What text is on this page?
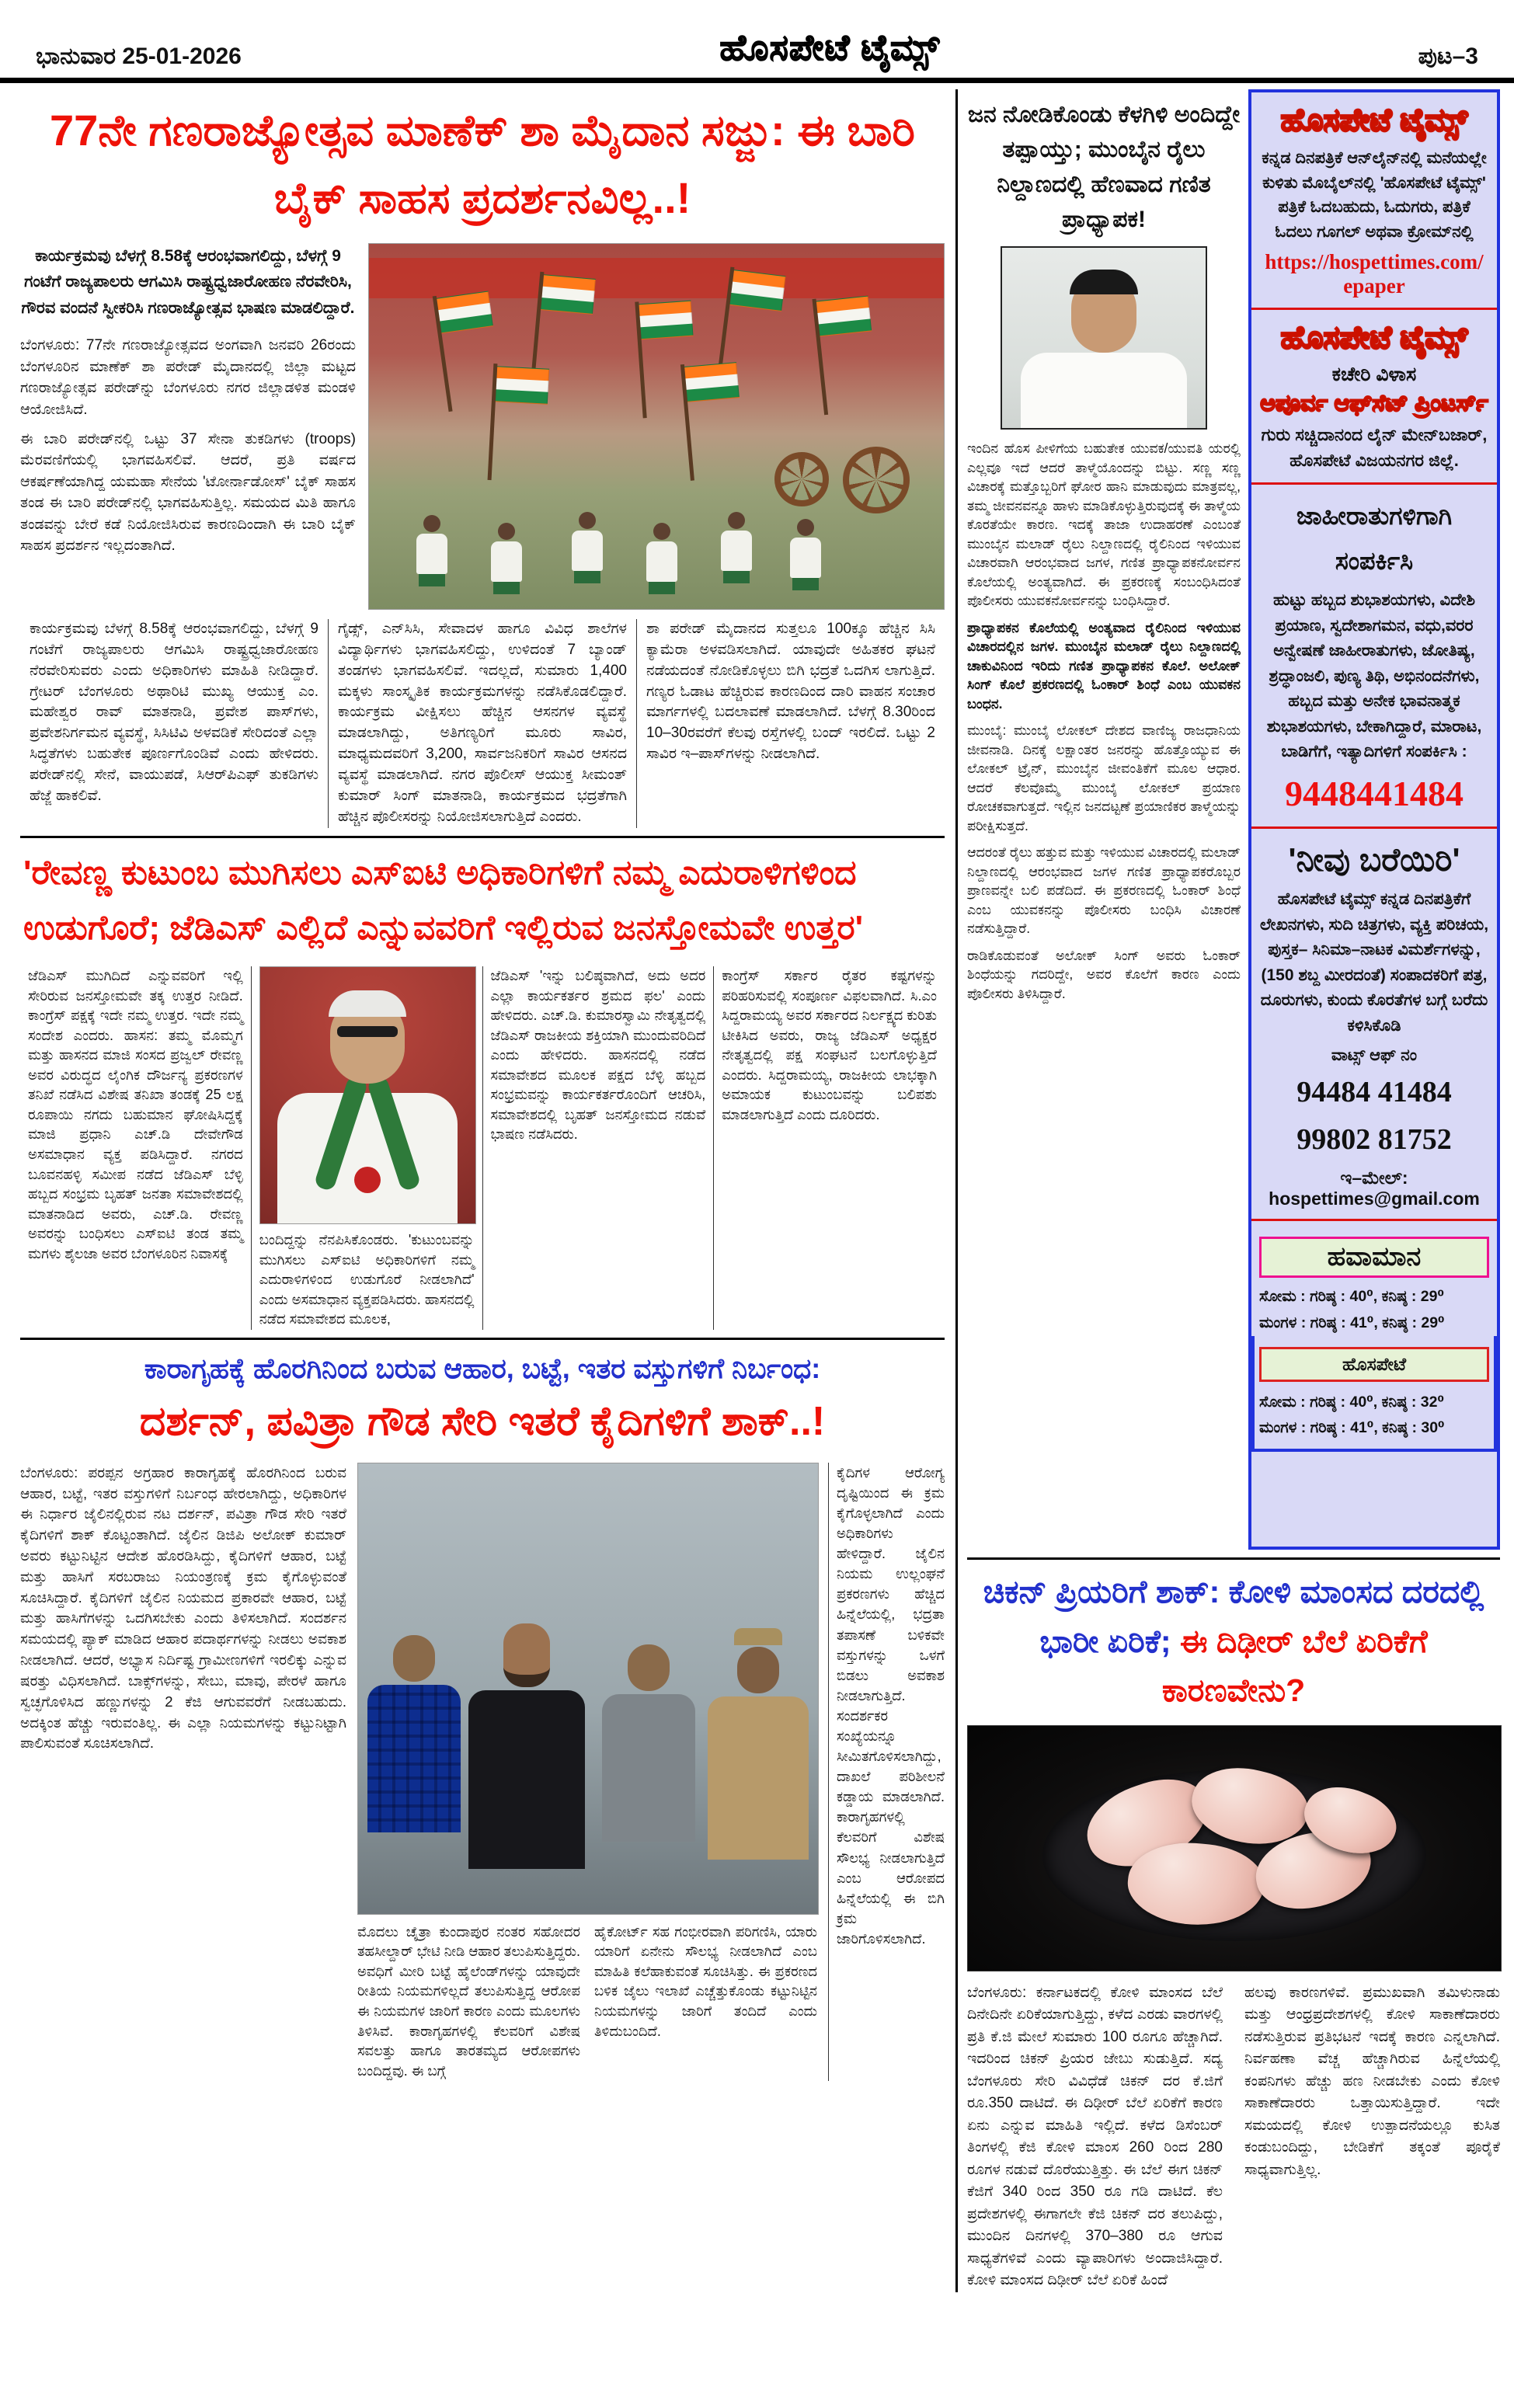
ಭಾನುವಾರ 25-01-2026	ಹೊಸಪೇಟೆ ಟೈಮ್ಸ್	ಪುಟ–3
77ನೇ ಗಣರಾಜ್ಯೋತ್ಸವ ಮಾಣೆಕ್ ಶಾ ಮೈದಾನ ಸಜ್ಜು: ಈ ಬಾರಿ ಬೈಕ್ ಸಾಹಸ ಪ್ರದರ್ಶನವಿಲ್ಲ..!

ಕಾರ್ಯಕ್ರಮವು ಬೆಳಗ್ಗೆ 8.58ಕ್ಕೆ ಆರಂಭವಾಗಲಿದ್ದು, ಬೆಳಗ್ಗೆ 9 ಗಂಟೆಗೆ ರಾಜ್ಯಪಾಲರು ಆಗಮಿಸಿ ರಾಷ್ಟ್ರಧ್ವಜಾರೋಹಣ ನೆರವೇರಿಸಿ, ಗೌರವ ವಂದನೆ ಸ್ವೀಕರಿಸಿ ಗಣರಾಜ್ಯೋತ್ಸವ ಭಾಷಣ ಮಾಡಲಿದ್ದಾರೆ.

ಬೆಂಗಳೂರು: 77ನೇ ಗಣರಾಜ್ಯೋತ್ಸವದ ಅಂಗವಾಗಿ ಜನವರಿ 26ರಂದು ಬೆಂಗಳೂರಿನ ಮಾಣೆಕ್ ಶಾ ಪರೇಡ್ ಮೈದಾನದಲ್ಲಿ ಜಿಲ್ಲಾ ಮಟ್ಟದ ಗಣರಾಜ್ಯೋತ್ಸವ ಪರೇಡ್‌ನ್ನು ಬೆಂಗಳೂರು ನಗರ ಜಿಲ್ಲಾಡಳಿತ ಮಂಡಳಿ ಆಯೋಜಿಸಿದೆ.

ಈ ಬಾರಿ ಪರೇಡ್‌ನಲ್ಲಿ ಒಟ್ಟು 37 ಸೇನಾ ತುಕಡಿಗಳು (troops) ಮೆರವಣಿಗೆಯಲ್ಲಿ ಭಾಗವಹಿಸಲಿವೆ. ಆದರೆ, ಪ್ರತಿ ವರ್ಷದ ಆಕರ್ಷಣೆಯಾಗಿದ್ದ ಯಮಹಾ ಸೇನೆಯ 'ಟೋರ್ನಾಡೋಸ್' ಬೈಕ್ ಸಾಹಸ ತಂಡ ಈ ಬಾರಿ ಪರೇಡ್‌ನಲ್ಲಿ ಭಾಗವಹಿಸುತ್ತಿಲ್ಲ. ಸಮಯದ ಮಿತಿ ಹಾಗೂ ತಂಡವನ್ನು ಬೇರೆ ಕಡೆ ನಿಯೋಜಿಸಿರುವ ಕಾರಣದಿಂದಾಗಿ ಈ ಬಾರಿ ಬೈಕ್ ಸಾಹಸ ಪ್ರದರ್ಶನ ಇಲ್ಲದಂತಾಗಿದೆ.

ಕಾರ್ಯಕ್ರಮವು ಬೆಳಗ್ಗೆ 8.58ಕ್ಕೆ ಆರಂಭವಾಗಲಿದ್ದು, ಬೆಳಗ್ಗೆ 9 ಗಂಟೆಗೆ ರಾಜ್ಯಪಾಲರು ಆಗಮಿಸಿ ರಾಷ್ಟ್ರಧ್ವಜಾರೋಹಣ ನೆರವೇರಿಸುವರು ಎಂದು ಅಧಿಕಾರಿಗಳು ಮಾಹಿತಿ ನೀಡಿದ್ದಾರೆ. ಗ್ರೇಟರ್ ಬೆಂಗಳೂರು ಅಥಾರಿಟಿ ಮುಖ್ಯ ಆಯುಕ್ತ ಎಂ. ಮಹೇಶ್ವರ ರಾವ್ ಮಾತನಾಡಿ, ಪ್ರವೇಶ ಪಾಸ್‌ಗಳು, ಪ್ರವೇಶನಿರ್ಗಮನ ವ್ಯವಸ್ಥೆ, ಸಿಸಿಟಿವಿ ಅಳವಡಿಕೆ ಸೇರಿದಂತೆ ಎಲ್ಲಾ ಸಿದ್ಧತೆಗಳು ಬಹುತೇಕ ಪೂರ್ಣಗೊಂಡಿವೆ ಎಂದು ಹೇಳಿದರು. ಪರೇಡ್‌ನಲ್ಲಿ ಸೇನೆ, ವಾಯುಪಡೆ, ಸಿಆರ್‌ಪಿಎಫ್ ತುಕಡಿಗಳು ಹೆಜ್ಜೆ ಹಾಕಲಿವೆ.
ಗೈಡ್ಸ್, ಎನ್‌ಸಿಸಿ, ಸೇವಾದಳ ಹಾಗೂ ವಿವಿಧ ಶಾಲೆಗಳ ವಿದ್ಯಾರ್ಥಿಗಳು ಭಾಗವಹಿಸಲಿದ್ದು, ಉಳಿದಂತೆ 7 ಬ್ಯಾಂಡ್ ತಂಡಗಳು ಭಾಗವಹಿಸಲಿವೆ. ಇದಲ್ಲದೆ, ಸುಮಾರು 1,400 ಮಕ್ಕಳು ಸಾಂಸ್ಕೃತಿಕ ಕಾರ್ಯಕ್ರಮಗಳನ್ನು ನಡೆಸಿಕೊಡಲಿದ್ದಾರೆ. ಕಾರ್ಯಕ್ರಮ ವೀಕ್ಷಿಸಲು ಹೆಚ್ಚಿನ ಆಸನಗಳ ವ್ಯವಸ್ಥೆ ಮಾಡಲಾಗಿದ್ದು, ಅತಿಗಣ್ಯರಿಗೆ ಮೂರು ಸಾವಿರ, ಮಾಧ್ಯಮದವರಿಗೆ 3,200, ಸಾರ್ವಜನಿಕರಿಗೆ ಸಾವಿರ ಆಸನದ ವ್ಯವಸ್ಥೆ ಮಾಡಲಾಗಿದೆ. ನಗರ ಪೊಲೀಸ್ ಆಯುಕ್ತ ಸೀಮಂತ್ ಕುಮಾರ್ ಸಿಂಗ್ ಮಾತನಾಡಿ, ಕಾರ್ಯಕ್ರಮದ ಭದ್ರತೆಗಾಗಿ ಹೆಚ್ಚಿನ ಪೊಲೀಸರನ್ನು ನಿಯೋಜಿಸಲಾಗುತ್ತಿದೆ ಎಂದರು.
ಶಾ ಪರೇಡ್ ಮೈದಾನದ ಸುತ್ತಲೂ 100ಕ್ಕೂ ಹೆಚ್ಚಿನ ಸಿಸಿ ಕ್ಯಾಮೆರಾ ಅಳವಡಿಸಲಾಗಿದೆ. ಯಾವುದೇ ಅಹಿತಕರ ಘಟನೆ ನಡೆಯದಂತೆ ನೋಡಿಕೊಳ್ಳಲು ಬಿಗಿ ಭದ್ರತೆ ಒದಗಿಸ ಲಾಗುತ್ತಿದೆ. ಗಣ್ಯರ ಓಡಾಟ ಹೆಚ್ಚಿರುವ ಕಾರಣದಿಂದ ದಾರಿ ವಾಹನ ಸಂಚಾರ ಮಾರ್ಗಗಳಲ್ಲಿ ಬದಲಾವಣೆ ಮಾಡಲಾಗಿದೆ. ಬೆಳಗ್ಗೆ 8.30ರಿಂದ 10–30ರವರೆಗೆ ಕೆಲವು ರಸ್ತೆಗಳಲ್ಲಿ ಬಂದ್ ಇರಲಿದೆ. ಒಟ್ಟು 2 ಸಾವಿರ ಇ–ಪಾಸ್‌ಗಳನ್ನು ನೀಡಲಾಗಿದೆ.
'ರೇವಣ್ಣ ಕುಟುಂಬ ಮುಗಿಸಲು ಎಸ್‌ಐಟಿ ಅಧಿಕಾರಿಗಳಿಗೆ ನಮ್ಮ ಎದುರಾಳಿಗಳಿಂದ
ಉಡುಗೊರೆ; ಜೆಡಿಎಸ್ ಎಲ್ಲಿದೆ ಎನ್ನುವವರಿಗೆ ಇಲ್ಲಿರುವ ಜನಸ್ತೋಮವೇ ಉತ್ತರ'
ಜೆಡಿಎಸ್ ಮುಗಿದಿದೆ ಎನ್ನುವವರಿಗೆ ಇಲ್ಲಿ ಸೇರಿರುವ ಜನಸ್ತೋಮವೇ ತಕ್ಕ ಉತ್ತರ ನೀಡಿದೆ. ಕಾಂಗ್ರೆಸ್ ಪಕ್ಷಕ್ಕೆ ಇದೇ ನಮ್ಮ ಉತ್ತರ. ಇದೇ ನಮ್ಮ ಸಂದೇಶ ಎಂದರು. ಹಾಸನ: ತಮ್ಮ ಮೊಮ್ಮಗ ಮತ್ತು ಹಾಸನದ ಮಾಜಿ ಸಂಸದ ಪ್ರಜ್ವಲ್ ರೇವಣ್ಣ ಅವರ ವಿರುದ್ಧದ ಲೈಂಗಿಕ ದೌರ್ಜನ್ಯ ಪ್ರಕರಣಗಳ ತನಿಖೆ ನಡೆಸಿದ ವಿಶೇಷ ತನಿಖಾ ತಂಡಕ್ಕೆ 25 ಲಕ್ಷ ರೂಪಾಯಿ ನಗದು ಬಹುಮಾನ ಘೋಷಿಸಿದ್ದಕ್ಕೆ ಮಾಜಿ ಪ್ರಧಾನಿ ಎಚ್.ಡಿ ದೇವೇಗೌಡ ಅಸಮಾಧಾನ ವ್ಯಕ್ತ ಪಡಿಸಿದ್ದಾರೆ. ನಗರದ ಬೂವನಹಳ್ಳಿ ಸಮೀಪ ನಡೆದ ಜೆಡಿಎಸ್ ಬೆಳ್ಳಿ ಹಬ್ಬದ ಸಂಭ್ರಮ ಬೃಹತ್ ಜನತಾ ಸಮಾವೇಶದಲ್ಲಿ ಮಾತನಾಡಿದ ಅವರು, ಎಚ್.ಡಿ. ರೇವಣ್ಣ ಅವರನ್ನು ಬಂಧಿಸಲು ಎಸ್‌ಐಟಿ ತಂಡ ತಮ್ಮ ಮಗಳು ಶೈಲಜಾ ಅವರ ಬೆಂಗಳೂರಿನ ನಿವಾಸಕ್ಕೆ
ಬಂದಿದ್ದನ್ನು ನೆನಪಿಸಿಕೊಂಡರು. 'ಕುಟುಂಬವನ್ನು ಮುಗಿಸಲು ಎಸ್‌ಐಟಿ ಅಧಿಕಾರಿಗಳಿಗೆ ನಮ್ಮ ಎದುರಾಳಿಗಳಿಂದ ಉಡುಗೊರೆ ನೀಡಲಾಗಿದೆ' ಎಂದು ಅಸಮಾಧಾನ ವ್ಯಕ್ತಪಡಿಸಿದರು. ಹಾಸನದಲ್ಲಿ ನಡೆದ ಸಮಾವೇಶದ ಮೂಲಕ,
ಜೆಡಿಎಸ್ 'ಇನ್ನು ಬಲಿಷ್ಠವಾಗಿದೆ, ಅದು ಅದರ ಎಲ್ಲಾ ಕಾರ್ಯಕರ್ತರ ಶ್ರಮದ ಫಲ' ಎಂದು ಹೇಳಿದರು. ಎಚ್.ಡಿ. ಕುಮಾರಸ್ವಾಮಿ ನೇತೃತ್ವದಲ್ಲಿ ಜೆಡಿಎಸ್ ರಾಜಕೀಯ ಶಕ್ತಿಯಾಗಿ ಮುಂದುವರಿದಿದೆ ಎಂದು ಹೇಳಿದರು. ಹಾಸನದಲ್ಲಿ ನಡೆದ ಸಮಾವೇಶದ ಮೂಲಕ ಪಕ್ಷದ ಬೆಳ್ಳಿ ಹಬ್ಬದ ಸಂಭ್ರಮವನ್ನು ಕಾರ್ಯಕರ್ತರೊಂದಿಗೆ ಆಚರಿಸಿ, ಸಮಾವೇಶದಲ್ಲಿ ಬೃಹತ್ ಜನಸ್ತೋಮದ ನಡುವೆ ಭಾಷಣ ನಡೆಸಿದರು.
ಕಾಂಗ್ರೆಸ್ ಸರ್ಕಾರ ರೈತರ ಕಷ್ಟಗಳನ್ನು ಪರಿಹರಿಸುವಲ್ಲಿ ಸಂಪೂರ್ಣ ವಿಫಲವಾಗಿದೆ. ಸಿ.ಎಂ ಸಿದ್ದರಾಮಯ್ಯ ಅವರ ಸರ್ಕಾರದ ನಿರ್ಲಕ್ಷ್ಯದ ಕುರಿತು ಟೀಕಿಸಿದ ಅವರು, ರಾಜ್ಯ ಜೆಡಿಎಸ್ ಅಧ್ಯಕ್ಷರ ನೇತೃತ್ವದಲ್ಲಿ ಪಕ್ಷ ಸಂಘಟನೆ ಬಲಗೊಳ್ಳುತ್ತಿದೆ ಎಂದರು. ಸಿದ್ದರಾಮಯ್ಯ, ರಾಜಕೀಯ ಲಾಭಕ್ಕಾಗಿ ಅಮಾಯಕ ಕುಟುಂಬವನ್ನು ಬಲಿಪಶು ಮಾಡಲಾಗುತ್ತಿದೆ ಎಂದು ದೂರಿದರು.
ಕಾರಾಗೃಹಕ್ಕೆ ಹೊರಗಿನಿಂದ ಬರುವ ಆಹಾರ, ಬಟ್ಟೆ, ಇತರ ವಸ್ತುಗಳಿಗೆ ನಿರ್ಬಂಧ:
ದರ್ಶನ್, ಪವಿತ್ರಾ ಗೌಡ ಸೇರಿ ಇತರೆ ಕೈದಿಗಳಿಗೆ ಶಾಕ್..!
ಬೆಂಗಳೂರು: ಪರಪ್ಪನ ಅಗ್ರಹಾರ ಕಾರಾಗೃಹಕ್ಕೆ ಹೊರಗಿನಿಂದ ಬರುವ ಆಹಾರ, ಬಟ್ಟೆ, ಇತರ ವಸ್ತುಗಳಿಗೆ ನಿರ್ಬಂಧ ಹೇರಲಾಗಿದ್ದು, ಅಧಿಕಾರಿಗಳ ಈ ನಿರ್ಧಾರ ಜೈಲಿನಲ್ಲಿರುವ ನಟ ದರ್ಶನ್, ಪವಿತ್ರಾ ಗೌಡ ಸೇರಿ ಇತರೆ ಕೈದಿಗಳಿಗೆ ಶಾಕ್ ಕೊಟ್ಟಂತಾಗಿದೆ. ಜೈಲಿನ ಡಿಜಿಪಿ ಅಲೋಕ್ ಕುಮಾರ್ ಅವರು ಕಟ್ಟುನಿಟ್ಟಿನ ಆದೇಶ ಹೊರಡಿಸಿದ್ದು, ಕೈದಿಗಳಿಗೆ ಆಹಾರ, ಬಟ್ಟೆ ಮತ್ತು ಹಾಸಿಗೆ ಸರಬರಾಜು ನಿಯಂತ್ರಣಕ್ಕೆ ಕ್ರಮ ಕೈಗೊಳ್ಳುವಂತೆ ಸೂಚಿಸಿದ್ದಾರೆ. ಕೈದಿಗಳಿಗೆ ಜೈಲಿನ ನಿಯಮದ ಪ್ರಕಾರವೇ ಆಹಾರ, ಬಟ್ಟೆ ಮತ್ತು ಹಾಸಿಗೆಗಳನ್ನು ಒದಗಿಸಬೇಕು ಎಂದು ತಿಳಿಸಲಾಗಿದೆ. ಸಂದರ್ಶನ ಸಮಯದಲ್ಲಿ ಪ್ಯಾಕ್ ಮಾಡಿದ ಆಹಾರ ಪದಾರ್ಥಗಳನ್ನು ನೀಡಲು ಅವಕಾಶ ನೀಡಲಾಗಿದೆ. ಆದರೆ, ಅಭ್ಯಾಸ ನಿರ್ದಿಷ್ಟ ಗ್ರಾಮೀಣಗಳಿಗೆ ಇರಲಿಕ್ಕು ಎನ್ನುವ ಷರತ್ತು ವಿಧಿಸಲಾಗಿದೆ. ಬಾಕ್ಸ್‌ಗಳನ್ನು, ಸೇಬು, ಮಾವು, ಪೇರಳೆ ಹಾಗೂ ಸ್ವಚ್ಛಗೊಳಿಸಿದ ಹಣ್ಣುಗಳನ್ನು 2 ಕೆಜಿ ಆಗುವವರೆಗೆ ನೀಡಬಹುದು. ಅದಕ್ಕಿಂತ ಹೆಚ್ಚು ಇರುವಂತಿಲ್ಲ. ಈ ಎಲ್ಲಾ ನಿಯಮಗಳನ್ನು ಕಟ್ಟುನಿಟ್ಟಾಗಿ ಪಾಲಿಸುವಂತೆ ಸೂಚಿಸಲಾಗಿದೆ.
ಮೊದಲು ಚೈತ್ರಾ ಕುಂದಾಪುರ ನಂತರ ಸಹೋದರ ತಹಸೀಲ್ದಾರ್ ಭೇಟಿ ನೀಡಿ ಆಹಾರ ತಲುಪಿಸುತ್ತಿದ್ದರು. ಅವಧಿಗೆ ಮೀರಿ ಬಟ್ಟೆ ಹೈಲೆಂಡ್‌ಗಳನ್ನು ಯಾವುದೇ ರೀತಿಯ ನಿಯಮಗಳಿಲ್ಲದೆ ತಲುಪಿಸುತ್ತಿದ್ದ ಆರೋಪ ಈ ನಿಯಮಗಳ ಜಾರಿಗೆ ಕಾರಣ ಎಂದು ಮೂಲಗಳು ತಿಳಿಸಿವೆ. ಕಾರಾಗೃಹಗಳಲ್ಲಿ ಕೆಲವರಿಗೆ ವಿಶೇಷ ಸವಲತ್ತು ಹಾಗೂ ತಾರತಮ್ಯದ ಆರೋಪಗಳು ಬಂದಿದ್ದವು. ಈ ಬಗ್ಗೆ
ಹೈಕೋರ್ಟ್ ಸಹ ಗಂಭೀರವಾಗಿ ಪರಿಗಣಿಸಿ, ಯಾರು ಯಾರಿಗೆ ಏನೇನು ಸೌಲಭ್ಯ ನೀಡಲಾಗಿದೆ ಎಂಬ ಮಾಹಿತಿ ಕಲೆಹಾಕುವಂತೆ ಸೂಚಿಸಿತ್ತು. ಈ ಪ್ರಕರಣದ ಬಳಿಕ ಜೈಲು ಇಲಾಖೆ ಎಚ್ಚೆತ್ತುಕೊಂಡು ಕಟ್ಟುನಿಟ್ಟಿನ ನಿಯಮಗಳನ್ನು ಜಾರಿಗೆ ತಂದಿದೆ ಎಂದು ತಿಳಿದುಬಂದಿದೆ.
ಕೈದಿಗಳ ಆರೋಗ್ಯ ದೃಷ್ಟಿಯಿಂದ ಈ ಕ್ರಮ ಕೈಗೊಳ್ಳಲಾಗಿದೆ ಎಂದು ಅಧಿಕಾರಿಗಳು ಹೇಳಿದ್ದಾರೆ. ಜೈಲಿನ ನಿಯಮ ಉಲ್ಲಂಘನೆ ಪ್ರಕರಣಗಳು ಹೆಚ್ಚಿದ ಹಿನ್ನೆಲೆಯಲ್ಲಿ, ಭದ್ರತಾ ತಪಾಸಣೆ ಬಳಿಕವೇ ವಸ್ತುಗಳನ್ನು ಒಳಗೆ ಬಿಡಲು ಅವಕಾಶ ನೀಡಲಾಗುತ್ತಿದೆ. ಸಂದರ್ಶಕರ ಸಂಖ್ಯೆಯನ್ನೂ ಸೀಮಿತಗೊಳಿಸಲಾಗಿದ್ದು, ದಾಖಲೆ ಪರಿಶೀಲನೆ ಕಡ್ಡಾಯ ಮಾಡಲಾಗಿದೆ. ಕಾರಾಗೃಹಗಳಲ್ಲಿ ಕೆಲವರಿಗೆ ವಿಶೇಷ ಸೌಲಭ್ಯ ನೀಡಲಾಗುತ್ತಿದೆ ಎಂಬ ಆರೋಪದ ಹಿನ್ನೆಲೆಯಲ್ಲಿ ಈ ಬಿಗಿ ಕ್ರಮ ಜಾರಿಗೊಳಿಸಲಾಗಿದೆ.
ಜನ ನೋಡಿಕೊಂಡು ಕೆಳಗಿಳಿ ಅಂದಿದ್ದೇ ತಪ್ಪಾಯ್ತು; ಮುಂಬೈನ ರೈಲು ನಿಲ್ದಾಣದಲ್ಲಿ ಹೆಣವಾದ ಗಣಿತ ಪ್ರಾಧ್ಯಾಪಕ!

ಇಂದಿನ ಹೊಸ ಪೀಳಿಗೆಯ ಬಹುತೇಕ ಯುವಕ/ಯುವತಿ ಯರಲ್ಲಿ ಎಲ್ಲವೂ ಇದೆ ಆದರೆ ತಾಳ್ಮೆಯೊಂದನ್ನು ಬಿಟ್ಟು. ಸಣ್ಣ ಸಣ್ಣ ವಿಚಾರಕ್ಕೆ ಮತ್ತೊಬ್ಬರಿಗೆ ಘೋರ ಹಾನಿ ಮಾಡುವುದು ಮಾತ್ರವಲ್ಲ, ತಮ್ಮ ಜೀವನವನ್ನೂ ಹಾಳು ಮಾಡಿಕೊಳ್ಳುತ್ತಿರುವುದಕ್ಕೆ ಈ ತಾಳ್ಮೆಯ ಕೊರತೆಯೇ ಕಾರಣ. ಇದಕ್ಕೆ ತಾಜಾ ಉದಾಹರಣೆ ಎಂಬಂತೆ ಮುಂಬೈನ ಮಲಾಡ್ ರೈಲು ನಿಲ್ದಾಣದಲ್ಲಿ ರೈಲಿನಿಂದ ಇಳಿಯುವ ವಿಚಾರವಾಗಿ ಆರಂಭವಾದ ಜಗಳ, ಗಣಿತ ಪ್ರಾಧ್ಯಾಪಕನೋರ್ವನ ಕೊಲೆಯಲ್ಲಿ ಅಂತ್ಯವಾಗಿದೆ. ಈ ಪ್ರಕರಣಕ್ಕೆ ಸಂಬಂಧಿಸಿದಂತೆ ಪೊಲೀಸರು ಯುವಕನೋರ್ವನನ್ನು ಬಂಧಿಸಿದ್ದಾರೆ.

ಪ್ರಾಧ್ಯಾಪಕನ ಕೊಲೆಯಲ್ಲಿ ಅಂತ್ಯವಾದ ರೈಲಿನಿಂದ ಇಳಿಯುವ ವಿಚಾರದಲ್ಲಿನ ಜಗಳ. ಮುಂಬೈನ ಮಲಾಡ್ ರೈಲು ನಿಲ್ದಾಣದಲ್ಲಿ ಚಾಕುವಿನಿಂದ ಇರಿದು ಗಣಿತ ಪ್ರಾಧ್ಯಾಪಕನ ಕೊಲೆ. ಅಲೋಕ್ ಸಿಂಗ್ ಕೊಲೆ ಪ್ರಕರಣದಲ್ಲಿ ಓಂಕಾರ್ ಶಿಂಧೆ ಎಂಬ ಯುವಕನ ಬಂಧನ.

ಮುಂಬೈ: ಮುಂಬೈ ಲೋಕಲ್ ದೇಶದ ವಾಣಿಜ್ಯ ರಾಜಧಾನಿಯ ಜೀವನಾಡಿ. ದಿನಕ್ಕೆ ಲಕ್ಷಾಂತರ ಜನರನ್ನು ಹೊತ್ತೊಯ್ಯುವ ಈ ಲೋಕಲ್ ಟ್ರೈನ್, ಮುಂಬೈನ ಜೀವಂತಿಕೆಗೆ ಮೂಲ ಆಧಾರ. ಆದರೆ ಕೆಲವೊಮ್ಮೆ ಮುಂಬೈ ಲೋಕಲ್ ಪ್ರಯಾಣ ರೋಚಕವಾಗುತ್ತದೆ. ಇಲ್ಲಿನ ಜನದಟ್ಟಣೆ ಪ್ರಯಾಣಿಕರ ತಾಳ್ಮೆಯನ್ನು ಪರೀಕ್ಷಿಸುತ್ತದೆ.

ಆದರಂತೆ ರೈಲು ಹತ್ತುವ ಮತ್ತು ಇಳಿಯುವ ವಿಚಾರದಲ್ಲಿ ಮಲಾಡ್ ನಿಲ್ದಾಣದಲ್ಲಿ ಆರಂಭವಾದ ಜಗಳ ಗಣಿತ ಪ್ರಾಧ್ಯಾಪಕರೊಬ್ಬರ ಪ್ರಾಣವನ್ನೇ ಬಲಿ ಪಡೆದಿದೆ. ಈ ಪ್ರಕರಣದಲ್ಲಿ ಓಂಕಾರ್ ಶಿಂಧೆ ಎಂಬ ಯುವಕನನ್ನು ಪೊಲೀಸರು ಬಂಧಿಸಿ ವಿಚಾರಣೆ ನಡೆಸುತ್ತಿದ್ದಾರೆ.

ರಾಡಿಕೊಡುವಂತೆ ಅಲೋಕ್ ಸಿಂಗ್ ಅವರು ಓಂಕಾರ್ ಶಿಂಧೆಯನ್ನು ಗದರಿದ್ದೇ, ಅವರ ಕೊಲೆಗೆ ಕಾರಣ ಎಂದು ಪೊಲೀಸರು ತಿಳಿಸಿದ್ದಾರೆ.

ಹೊಸಪೇಟೆ ಟೈಮ್ಸ್
ಕನ್ನಡ ದಿನಪತ್ರಿಕೆ ಆನ್‌ಲೈನ್‌ನಲ್ಲಿ ಮನೆಯಲ್ಲೇ ಕುಳಿತು ಮೊಬೈಲ್‌ನಲ್ಲಿ 'ಹೊಸಪೇಟೆ ಟೈಮ್ಸ್' ಪತ್ರಿಕೆ ಓದಬಹುದು, ಓದುಗರು, ಪತ್ರಿಕೆ ಓದಲು ಗೂಗಲ್ ಅಥವಾ ಕ್ರೋಮ್‌ನಲ್ಲಿ
https://hospettimes.com/ epaper
ಹೊಸಪೇಟೆ ಟೈಮ್ಸ್
ಕಚೇರಿ ವಿಳಾಸ
ಅಪೂರ್ವ ಆಫ್‌ಸೆಟ್ ಪ್ರಿಂಟರ್ಸ್
ಗುರು ಸಚ್ಚಿದಾನಂದ ಲೈನ್ ಮೇನ್‌ಬಜಾರ್, ಹೊಸಪೇಟೆ ವಿಜಯನಗರ ಜಿಲ್ಲೆ.
ಜಾಹೀರಾತುಗಳಿಗಾಗಿ ಸಂಪರ್ಕಿಸಿ
ಹುಟ್ಟು ಹಬ್ಬದ ಶುಭಾಶಯಗಳು, ವಿದೇಶಿ ಪ್ರಯಾಣ, ಸ್ವದೇಶಾಗಮನ, ವಧು,ವರರ ಅನ್ವೇಷಣೆ ಜಾಹೀರಾತುಗಳು, ಜೋತಿಷ್ಯ, ಶ್ರದ್ಧಾಂಜಲಿ, ಪುಣ್ಯ ತಿಥಿ, ಅಭಿನಂದನೆಗಳು, ಹಬ್ಬದ ಮತ್ತು ಅನೇಕ ಭಾವನಾತ್ಮಕ ಶುಭಾಶಯಗಳು, ಬೇಕಾಗಿದ್ದಾರೆ, ಮಾರಾಟ, ಬಾಡಿಗೆಗೆ, ಇತ್ಯಾದಿಗಳಿಗೆ ಸಂಪರ್ಕಿಸಿ :
9448441484
'ನೀವು ಬರೆಯಿರಿ'
ಹೊಸಪೇಟೆ ಟೈಮ್ಸ್ ಕನ್ನಡ ದಿನಪತ್ರಿಕೆಗೆ ಲೇಖನಗಳು, ಸುದಿ ಚಿತ್ರಗಳು, ವ್ಯಕ್ತಿ ಪರಿಚಯ, ಪುಸ್ತಕ– ಸಿನಿಮಾ–ನಾಟಕ ವಿಮರ್ಶೆಗಳನ್ನು,(150 ಶಬ್ದ ಮೀರದಂತೆ) ಸಂಪಾದಕರಿಗೆ ಪತ್ರ, ದೂರುಗಳು, ಕುಂದು ಕೊರತೆಗಳ ಬಗ್ಗೆ ಬರೆದು ಕಳಿಸಿಕೊಡಿ
ವಾಟ್ಸ್ ಆಫ್ ನಂ
94484 41484
99802 81752
ಇ–ಮೇಲ್: hospettimes@gmail.com
ಹವಾಮಾನ
ಸೋಮ : ಗರಿಷ್ಠ : 40⁰, ಕನಿಷ್ಠ : 29⁰
ಮಂಗಳ : ಗರಿಷ್ಠ : 41⁰, ಕನಿಷ್ಠ : 29⁰
ಹೊಸಪೇಟೆ
ಸೋಮ : ಗರಿಷ್ಠ : 40⁰, ಕನಿಷ್ಠ : 32⁰
ಮಂಗಳ : ಗರಿಷ್ಠ : 41⁰, ಕನಿಷ್ಠ : 30⁰
ಚಿಕನ್ ಪ್ರಿಯರಿಗೆ ಶಾಕ್: ಕೋಳಿ ಮಾಂಸದ ದರದಲ್ಲಿ ಭಾರೀ ಏರಿಕೆ; ಈ ದಿಢೀರ್ ಬೆಲೆ ಏರಿಕೆಗೆ ಕಾರಣವೇನು?
ಬೆಂಗಳೂರು: ಕರ್ನಾಟಕದಲ್ಲಿ ಕೋಳಿ ಮಾಂಸದ ಬೆಲೆ ದಿನೇದಿನೇ ಏರಿಕೆಯಾಗುತ್ತಿದ್ದು, ಕಳೆದ ಎರಡು ವಾರಗಳಲ್ಲಿ ಪ್ರತಿ ಕೆ.ಜಿ ಮೇಲೆ ಸುಮಾರು 100 ರೂಗೂ ಹೆಚ್ಚಾಗಿದೆ. ಇದರಿಂದ ಚಿಕನ್ ಪ್ರಿಯರ ಜೇಬು ಸುಡುತ್ತಿದೆ. ಸದ್ಯ ಬೆಂಗಳೂರು ಸೇರಿ ವಿವಿಧೆಡೆ ಚಿಕನ್ ದರ ಕೆ.ಜಿಗೆ ರೂ.350 ದಾಟಿದೆ. ಈ ದಿಢೀರ್ ಬೆಲೆ ಏರಿಕೆಗೆ ಕಾರಣ ಏನು ಎನ್ನುವ ಮಾಹಿತಿ ಇಲ್ಲಿದೆ. ಕಳೆದ ಡಿಸೆಂಬರ್ ತಿಂಗಳಲ್ಲಿ ಕೆಜಿ ಕೋಳಿ ಮಾಂಸ 260 ರಿಂದ 280 ರೂಗಳ ನಡುವೆ ದೊರೆಯುತ್ತಿತ್ತು. ಈ ಬೆಲೆ ಈಗ ಚಿಕನ್ ಕೆಜಿಗೆ 340 ರಿಂದ 350 ರೂ ಗಡಿ ದಾಟಿದೆ. ಕೆಲ ಪ್ರದೇಶಗಳಲ್ಲಿ ಈಗಾಗಲೇ ಕೆಜಿ ಚಿಕನ್ ದರ ತಲುಪಿದ್ದು, ಮುಂದಿನ ದಿನಗಳಲ್ಲಿ 370–380 ರೂ ಆಗುವ ಸಾಧ್ಯತೆಗಳಿವೆ ಎಂದು ವ್ಯಾಪಾರಿಗಳು ಅಂದಾಜಿಸಿದ್ದಾರೆ. ಕೋಳಿ ಮಾಂಸದ ದಿಢೀರ್ ಬೆಲೆ ಏರಿಕೆ ಹಿಂದೆ
ಹಲವು ಕಾರಣಗಳಿವೆ. ಪ್ರಮುಖವಾಗಿ ತಮಿಳುನಾಡು ಮತ್ತು ಆಂಧ್ರಪ್ರದೇಶಗಳಲ್ಲಿ ಕೋಳಿ ಸಾಕಾಣೆದಾರರು ನಡೆಸುತ್ತಿರುವ ಪ್ರತಿಭಟನೆ ಇದಕ್ಕೆ ಕಾರಣ ಎನ್ನಲಾಗಿದೆ. ನಿರ್ವಹಣಾ ವೆಚ್ಚ ಹೆಚ್ಚಾಗಿರುವ ಹಿನ್ನೆಲೆಯಲ್ಲಿ ಕಂಪನಿಗಳು ಹೆಚ್ಚು ಹಣ ನೀಡಬೇಕು ಎಂದು ಕೋಳಿ ಸಾಕಾಣೆದಾರರು ಒತ್ತಾಯಿಸುತ್ತಿದ್ದಾರೆ. ಇದೇ ಸಮಯದಲ್ಲಿ ಕೋಳಿ ಉತ್ಪಾದನೆಯಲ್ಲೂ ಕುಸಿತ ಕಂಡುಬಂದಿದ್ದು, ಬೇಡಿಕೆಗೆ ತಕ್ಕಂತೆ ಪೂರೈಕೆ ಸಾಧ್ಯವಾಗುತ್ತಿಲ್ಲ.
